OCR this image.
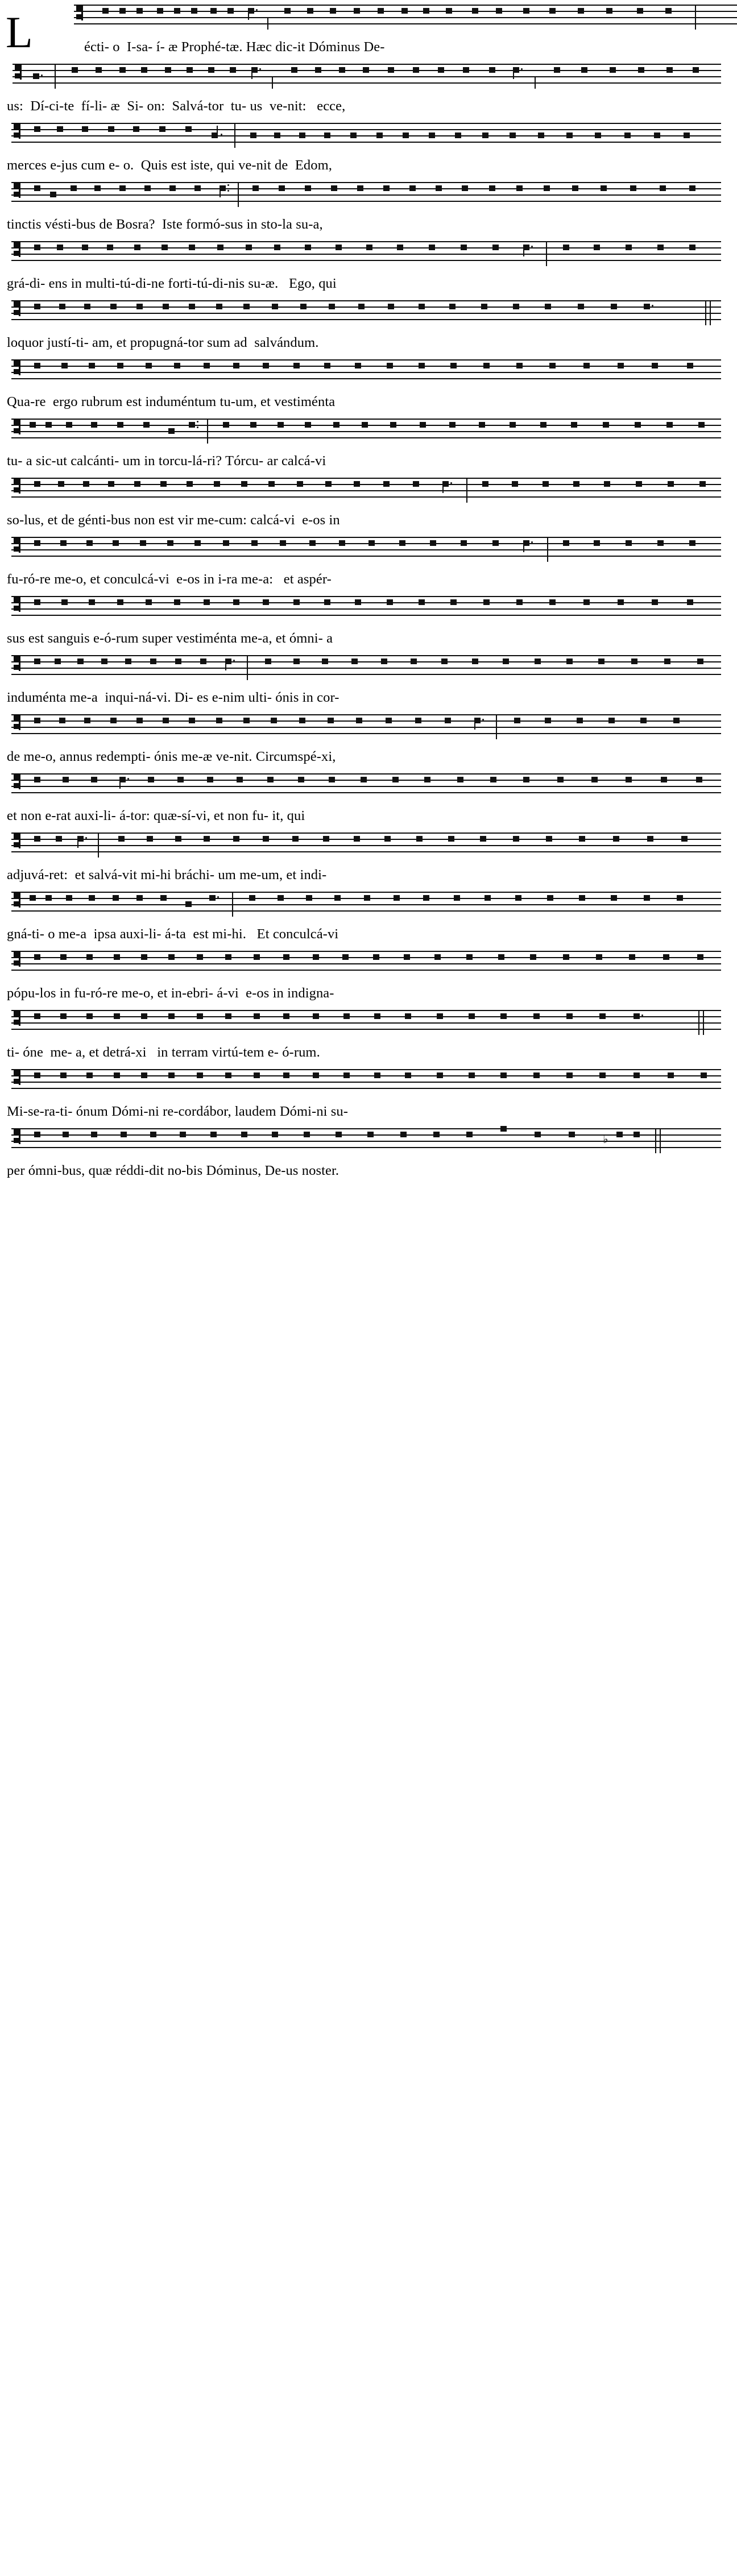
L	écti- o  I-sa- í- æ Prophé-tæ. Hæc dic-it Dóminus De-
us:  Dí-ci-te  fí-li- æ  Si- on:  Salvá-tor  tu- us  ve-nit:   ecce,
merces e-jus cum e- o.  Quis est iste, qui ve-nit de  Edom,
tinctis vésti-bus de Bosra?  Iste formó-sus in sto-la su-a,
grá-di- ens in multi-tú-di-ne forti-tú-di-nis su-æ.   Ego, qui
loquor justí-ti- am, et propugná-tor sum ad  salvándum.
Qua-re  ergo rubrum est induméntum tu-um, et vestiménta
tu- a sic-ut calcánti- um in torcu-lá-ri? Tórcu- ar calcá-vi
so-lus, et de génti-bus non est vir me-cum: calcá-vi  e-os in
fu-ró-re me-o, et conculcá-vi  e-os in i-ra me-a:   et aspér-
sus est sanguis e-ó-rum super vestiménta me-a, et ómni- a
induménta me-a  inqui-ná-vi. Di- es e-nim ulti- ónis in cor-
de me-o, annus redempti- ónis me-æ ve-nit. Circumspé-xi,
et non e-rat auxi-li- á-tor: quæ-sí-vi, et non fu- it, qui
adjuvá-ret:  et salvá-vit mi-hi bráchi- um me-um, et indi-
gná-ti- o me-a  ipsa auxi-li- á-ta  est mi-hi.   Et conculcá-vi
pópu-los in fu-ró-re me-o, et in-ebri- á-vi  e-os in indigna-
ti- óne  me- a, et detrá-xi   in terram virtú-tem e- ó-rum.
Mi-se-ra-ti- ónum Dómi-ni re-cordábor, laudem Dómi-ni su-
♭
per ómni-bus, quæ réddi-dit no-bis Dóminus, De-us noster.
